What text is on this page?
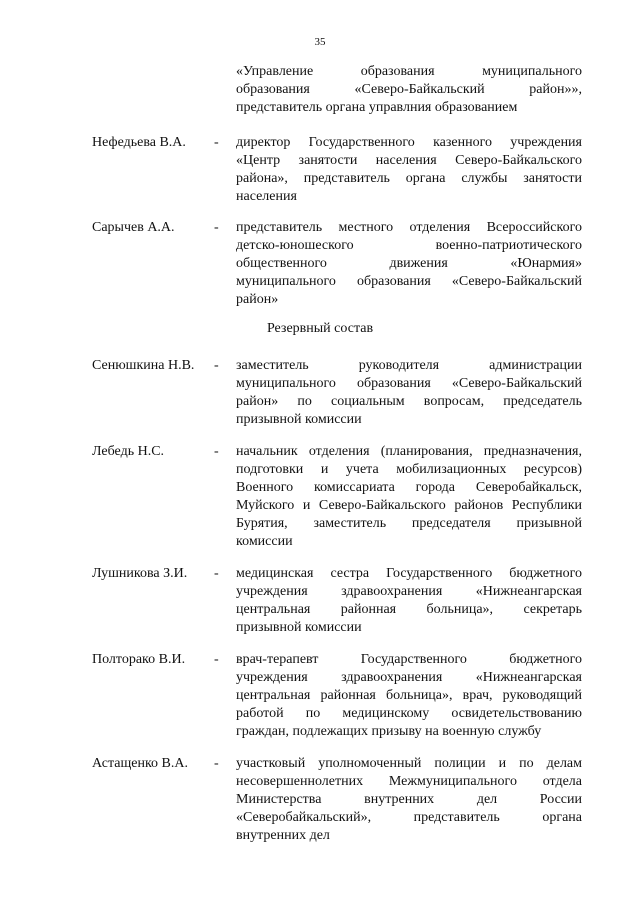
35
«Управление образования муниципального
образования «Северо-Байкальский район»»,
представитель органа управлния образованием
Нефедьева В.А. - директор Государственного казенного учреждения
«Центр занятости населения Северо-Байкальского
района», представитель органа службы занятости
населения
Сарычев А.А.	- представитель местного отделения Всероссийского
детско-юношеского военно-патриотического
общественного движения «Юнармия»
муниципального образования «Северо-Байкальский
район»
Резервный состав
Сенюшкина Н.В. - заместитель руководителя администрации
муниципального образования «Северо-Байкальский
район» по социальным вопросам, председатель
призывной комиссии
Лебедь Н.С.	- начальник отделения (планирования, предназначения,
подготовки и учета мобилизационных ресурсов)
Военного комиссариата города Северобайкальск,
Муйского и Северо-Байкальского районов Республики
Бурятия, заместитель председателя призывной
комиссии
Лушникова З.И. - медицинская сестра Государственного бюджетного
учреждения здравоохранения «Нижнеангарская
центральная районная больница», секретарь
призывной комиссии
Полторако В.И. - врач-терапевт Государственного бюджетного
учреждения здравоохранения «Нижнеангарская
центральная районная больница», врач, руководящий
работой по медицинскому освидетельствованию
граждан, подлежащих призыву на военную службу
Астащенко В.А. - участковый уполномоченный полиции и по делам
несовершеннолетних Межмуниципального отдела
Министерства внутренних дел России
«Северобайкальский», представитель органа
внутренних дел
